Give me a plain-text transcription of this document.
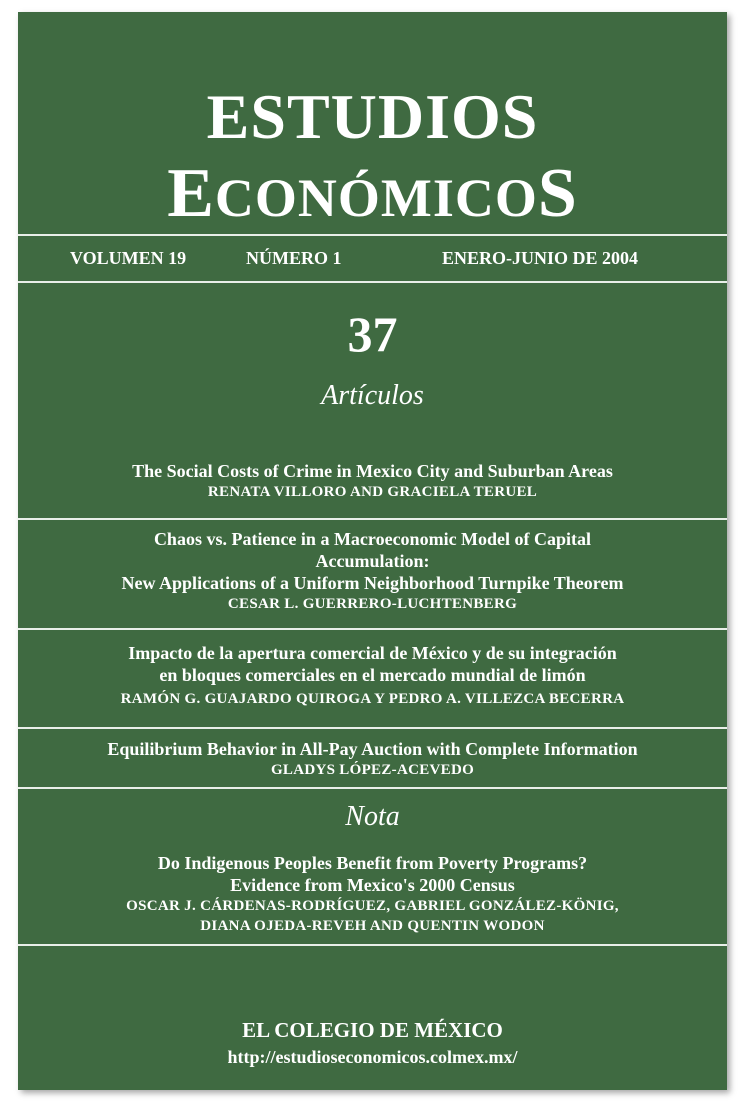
ESTUDIOS
ECONÓMICOS
VOLUMEN 19	NÚMERO 1	ENERO-JUNIO DE 2004
37
Artículos
The Social Costs of Crime in Mexico City and Suburban Areas
RENATA VILLORO AND GRACIELA TERUEL
Chaos vs. Patience in a Macroeconomic Model of Capital
Accumulation:
New Applications of a Uniform Neighborhood Turnpike Theorem
CESAR L. GUERRERO-LUCHTENBERG
Impacto de la apertura comercial de México y de su integración
en bloques comerciales en el mercado mundial de limón
RAMÓN G. GUAJARDO QUIROGA Y PEDRO A. VILLEZCA BECERRA
Equilibrium Behavior in All-Pay Auction with Complete Information
GLADYS LÓPEZ-ACEVEDO
Nota
Do Indigenous Peoples Benefit from Poverty Programs?
Evidence from Mexico's 2000 Census
OSCAR J. CÁRDENAS-RODRÍGUEZ, GABRIEL GONZÁLEZ-KÖNIG,
DIANA OJEDA-REVEH AND QUENTIN WODON
EL COLEGIO DE MÉXICO
http://estudioseconomicos.colmex.mx/
